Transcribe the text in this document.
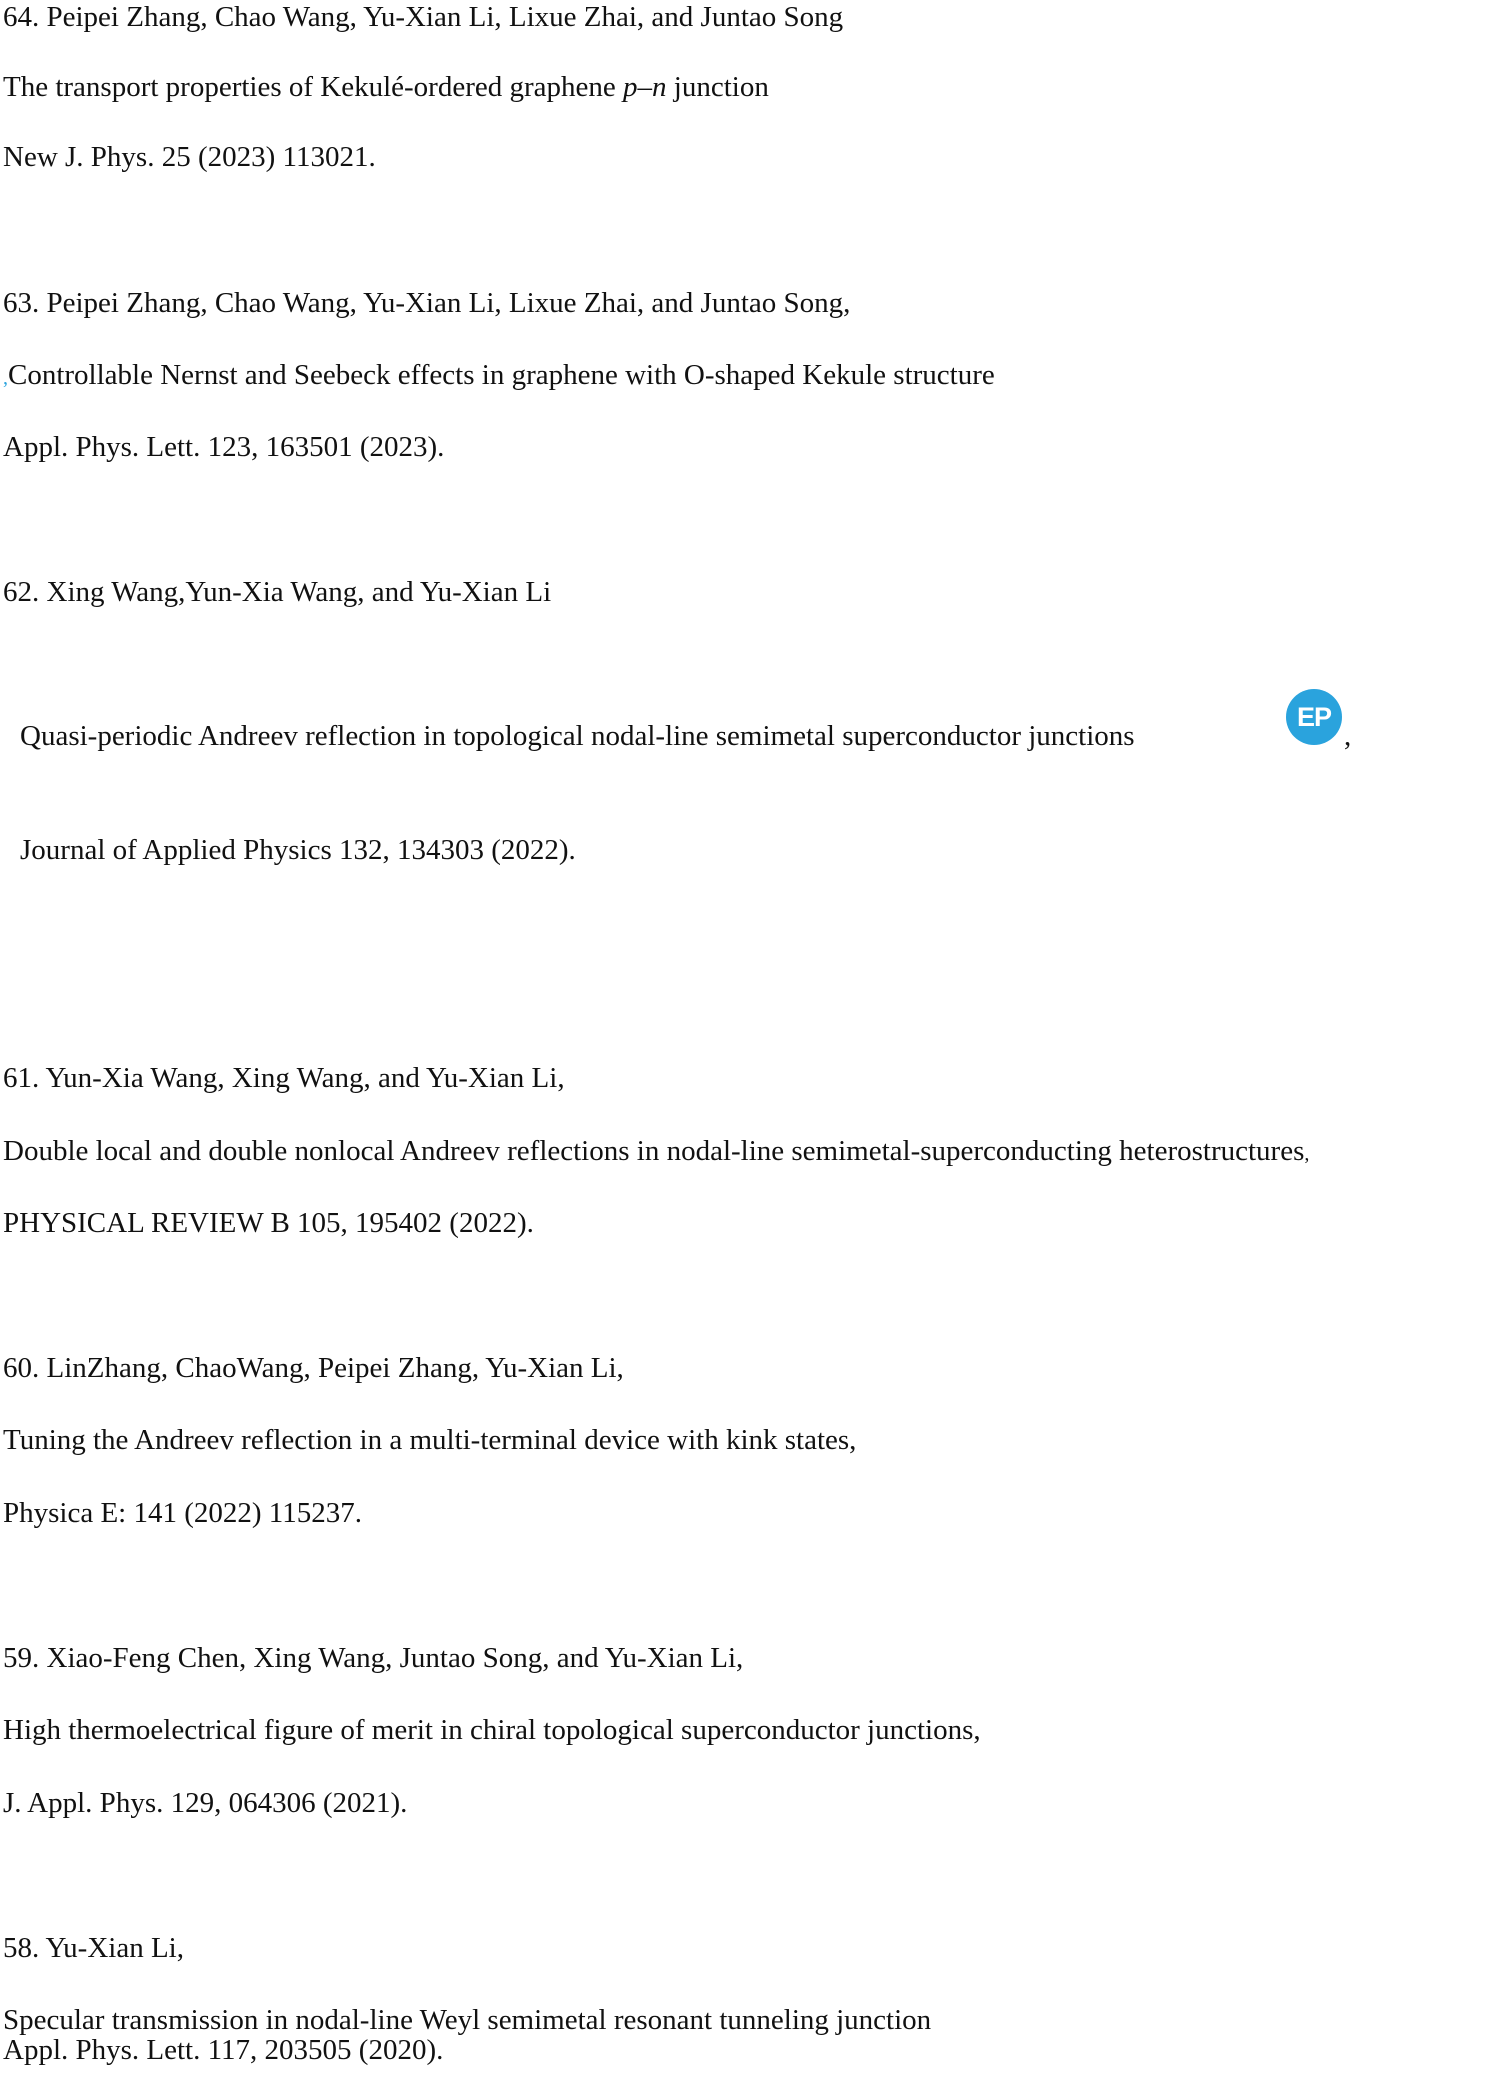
64. Peipei Zhang, Chao Wang, Yu-Xian Li, Lixue Zhai, and Juntao Song

The transport properties of Kekulé-ordered graphene p–n junction

New J. Phys. 25 (2023) 113021.

63. Peipei Zhang, Chao Wang, Yu-Xian Li, Lixue Zhai, and Juntao Song,

,Controllable Nernst and Seebeck effects in graphene with O-shaped Kekule structure

Appl. Phys. Lett. 123, 163501 (2023).

62. Xing Wang,Yun-Xia Wang, and Yu-Xian Li

Quasi-periodic Andreev reflection in topological nodal-line semimetal superconductor junctions

EP
,

Journal of Applied Physics 132, 134303 (2022).

61. Yun-Xia Wang, Xing Wang, and Yu-Xian Li,

Double local and double nonlocal Andreev reflections in nodal-line semimetal-superconducting heterostructures,

PHYSICAL REVIEW B 105, 195402 (2022).

60. LinZhang, ChaoWang, Peipei Zhang, Yu-Xian Li,

Tuning the Andreev reflection in a multi-terminal device with kink states,

Physica E: 141 (2022) 115237.

59. Xiao-Feng Chen, Xing Wang, Juntao Song, and Yu-Xian Li,

High thermoelectrical figure of merit in chiral topological superconductor junctions,

J. Appl. Phys. 129, 064306 (2021).

58. Yu-Xian Li,

Specular transmission in nodal-line Weyl semimetal resonant tunneling junction

Appl. Phys. Lett. 117, 203505 (2020).
